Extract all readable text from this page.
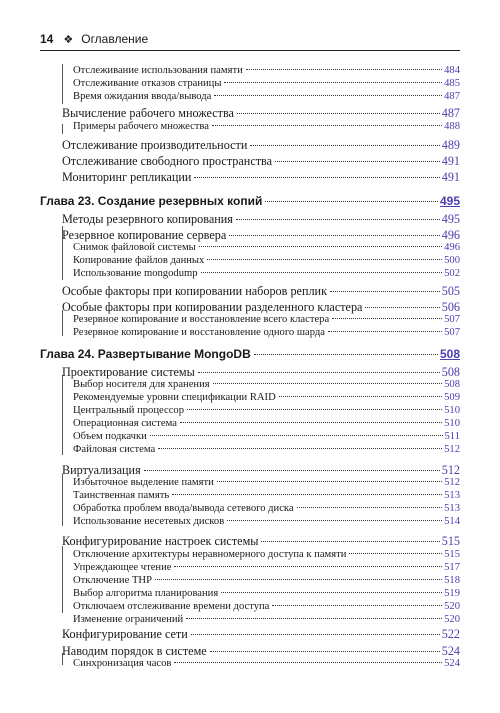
14 ❖ Оглавление
Отслеживание использования памяти	484
Отслеживание отказов страницы	485
Время ожидания ввода/вывода	487
Вычисление рабочего множества	487
Примеры рабочего множества	488
Отслеживание производительности	489
Отслеживание свободного пространства	491
Мониторинг репликации	491
Глава 23. Создание резервных копий	495
Методы резервного копирования	495
Резервное копирование сервера	496
Снимок файловой системы	496
Копирование файлов данных	500
Использование mongodump	502
Особые факторы при копировании наборов реплик	505
Особые факторы при копировании разделенного кластера	506
Резервное копирование и восстановление всего кластера	507
Резервное копирование и восстановление одного шарда	507
Глава 24. Развертывание MongoDB	508
Проектирование системы	508
Выбор носителя для хранения	508
Рекомендуемые уровни спецификации RAID	509
Центральный процессор	510
Операционная система	510
Объем подкачки	511
Файловая система	512
Виртуализация	512
Избыточное выделение памяти	512
Таинственная память	513
Обработка проблем ввода/вывода сетевого диска	513
Использование несетевых дисков	514
Конфигурирование настроек системы	515
Отключение архитектуры неравномерного доступа к памяти	515
Упреждающее чтение	517
Отключение THP	518
Выбор алгоритма планирования	519
Отключаем отслеживание времени доступа	520
Изменение ограничений	520
Конфигурирование сети	522
Наводим порядок в системе	524
Синхронизация часов	524
